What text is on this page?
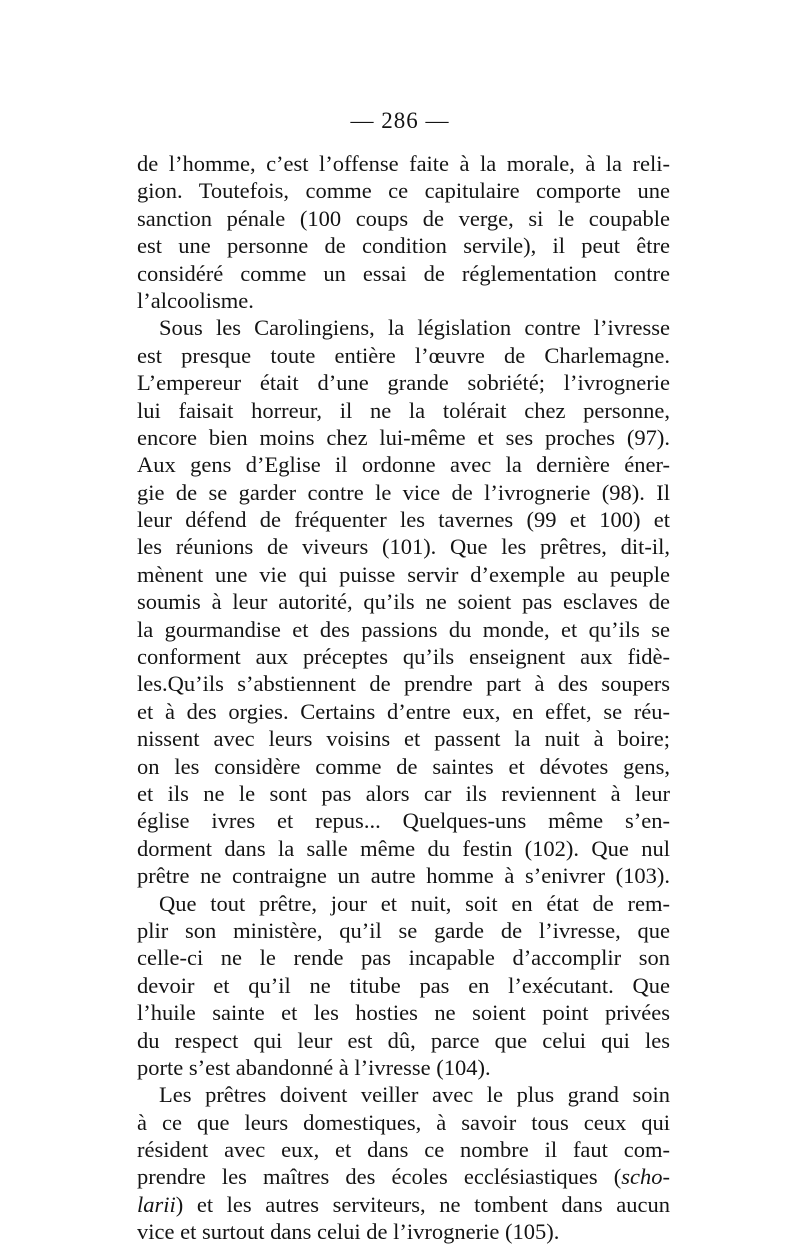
— 286 —
de l’homme, c’est l’offense faite à la morale, à la reli-
gion. Toutefois, comme ce capitulaire comporte une
sanction pénale (100 coups de verge, si le coupable
est une personne de condition servile), il peut être
considéré comme un essai de réglementation contre
l’alcoolisme.
Sous les Carolingiens, la législation contre l’ivresse
est presque toute entière l’œuvre de Charlemagne.
L’empereur était d’une grande sobriété; l’ivrognerie
lui faisait horreur, il ne la tolérait chez personne,
encore bien moins chez lui-même et ses proches (97).
Aux gens d’Eglise il ordonne avec la dernière éner-
gie de se garder contre le vice de l’ivrognerie (98). Il
leur défend de fréquenter les tavernes (99 et 100) et
les réunions de viveurs (101). Que les prêtres, dit-il,
mènent une vie qui puisse servir d’exemple au peuple
soumis à leur autorité, qu’ils ne soient pas esclaves de
la gourmandise et des passions du monde, et qu’ils se
conforment aux préceptes qu’ils enseignent aux fidè-
les.Qu’ils s’abstiennent de prendre part à des soupers
et à des orgies. Certains d’entre eux, en effet, se réu-
nissent avec leurs voisins et passent la nuit à boire;
on les considère comme de saintes et dévotes gens,
et ils ne le sont pas alors car ils reviennent à leur
église ivres et repus... Quelques-uns même s’en-
dorment dans la salle même du festin (102). Que nul
prêtre ne contraigne un autre homme à s’enivrer (103).
Que tout prêtre, jour et nuit, soit en état de rem-
plir son ministère, qu’il se garde de l’ivresse, que
celle-ci ne le rende pas incapable d’accomplir son
devoir et qu’il ne titube pas en l’exécutant. Que
l’huile sainte et les hosties ne soient point privées
du respect qui leur est dû, parce que celui qui les
porte s’est abandonné à l’ivresse (104).
Les prêtres doivent veiller avec le plus grand soin
à ce que leurs domestiques, à savoir tous ceux qui
résident avec eux, et dans ce nombre il faut com-
prendre les maîtres des écoles ecclésiastiques (scho-
larii) et les autres serviteurs, ne tombent dans aucun
vice et surtout dans celui de l’ivrognerie (105).
